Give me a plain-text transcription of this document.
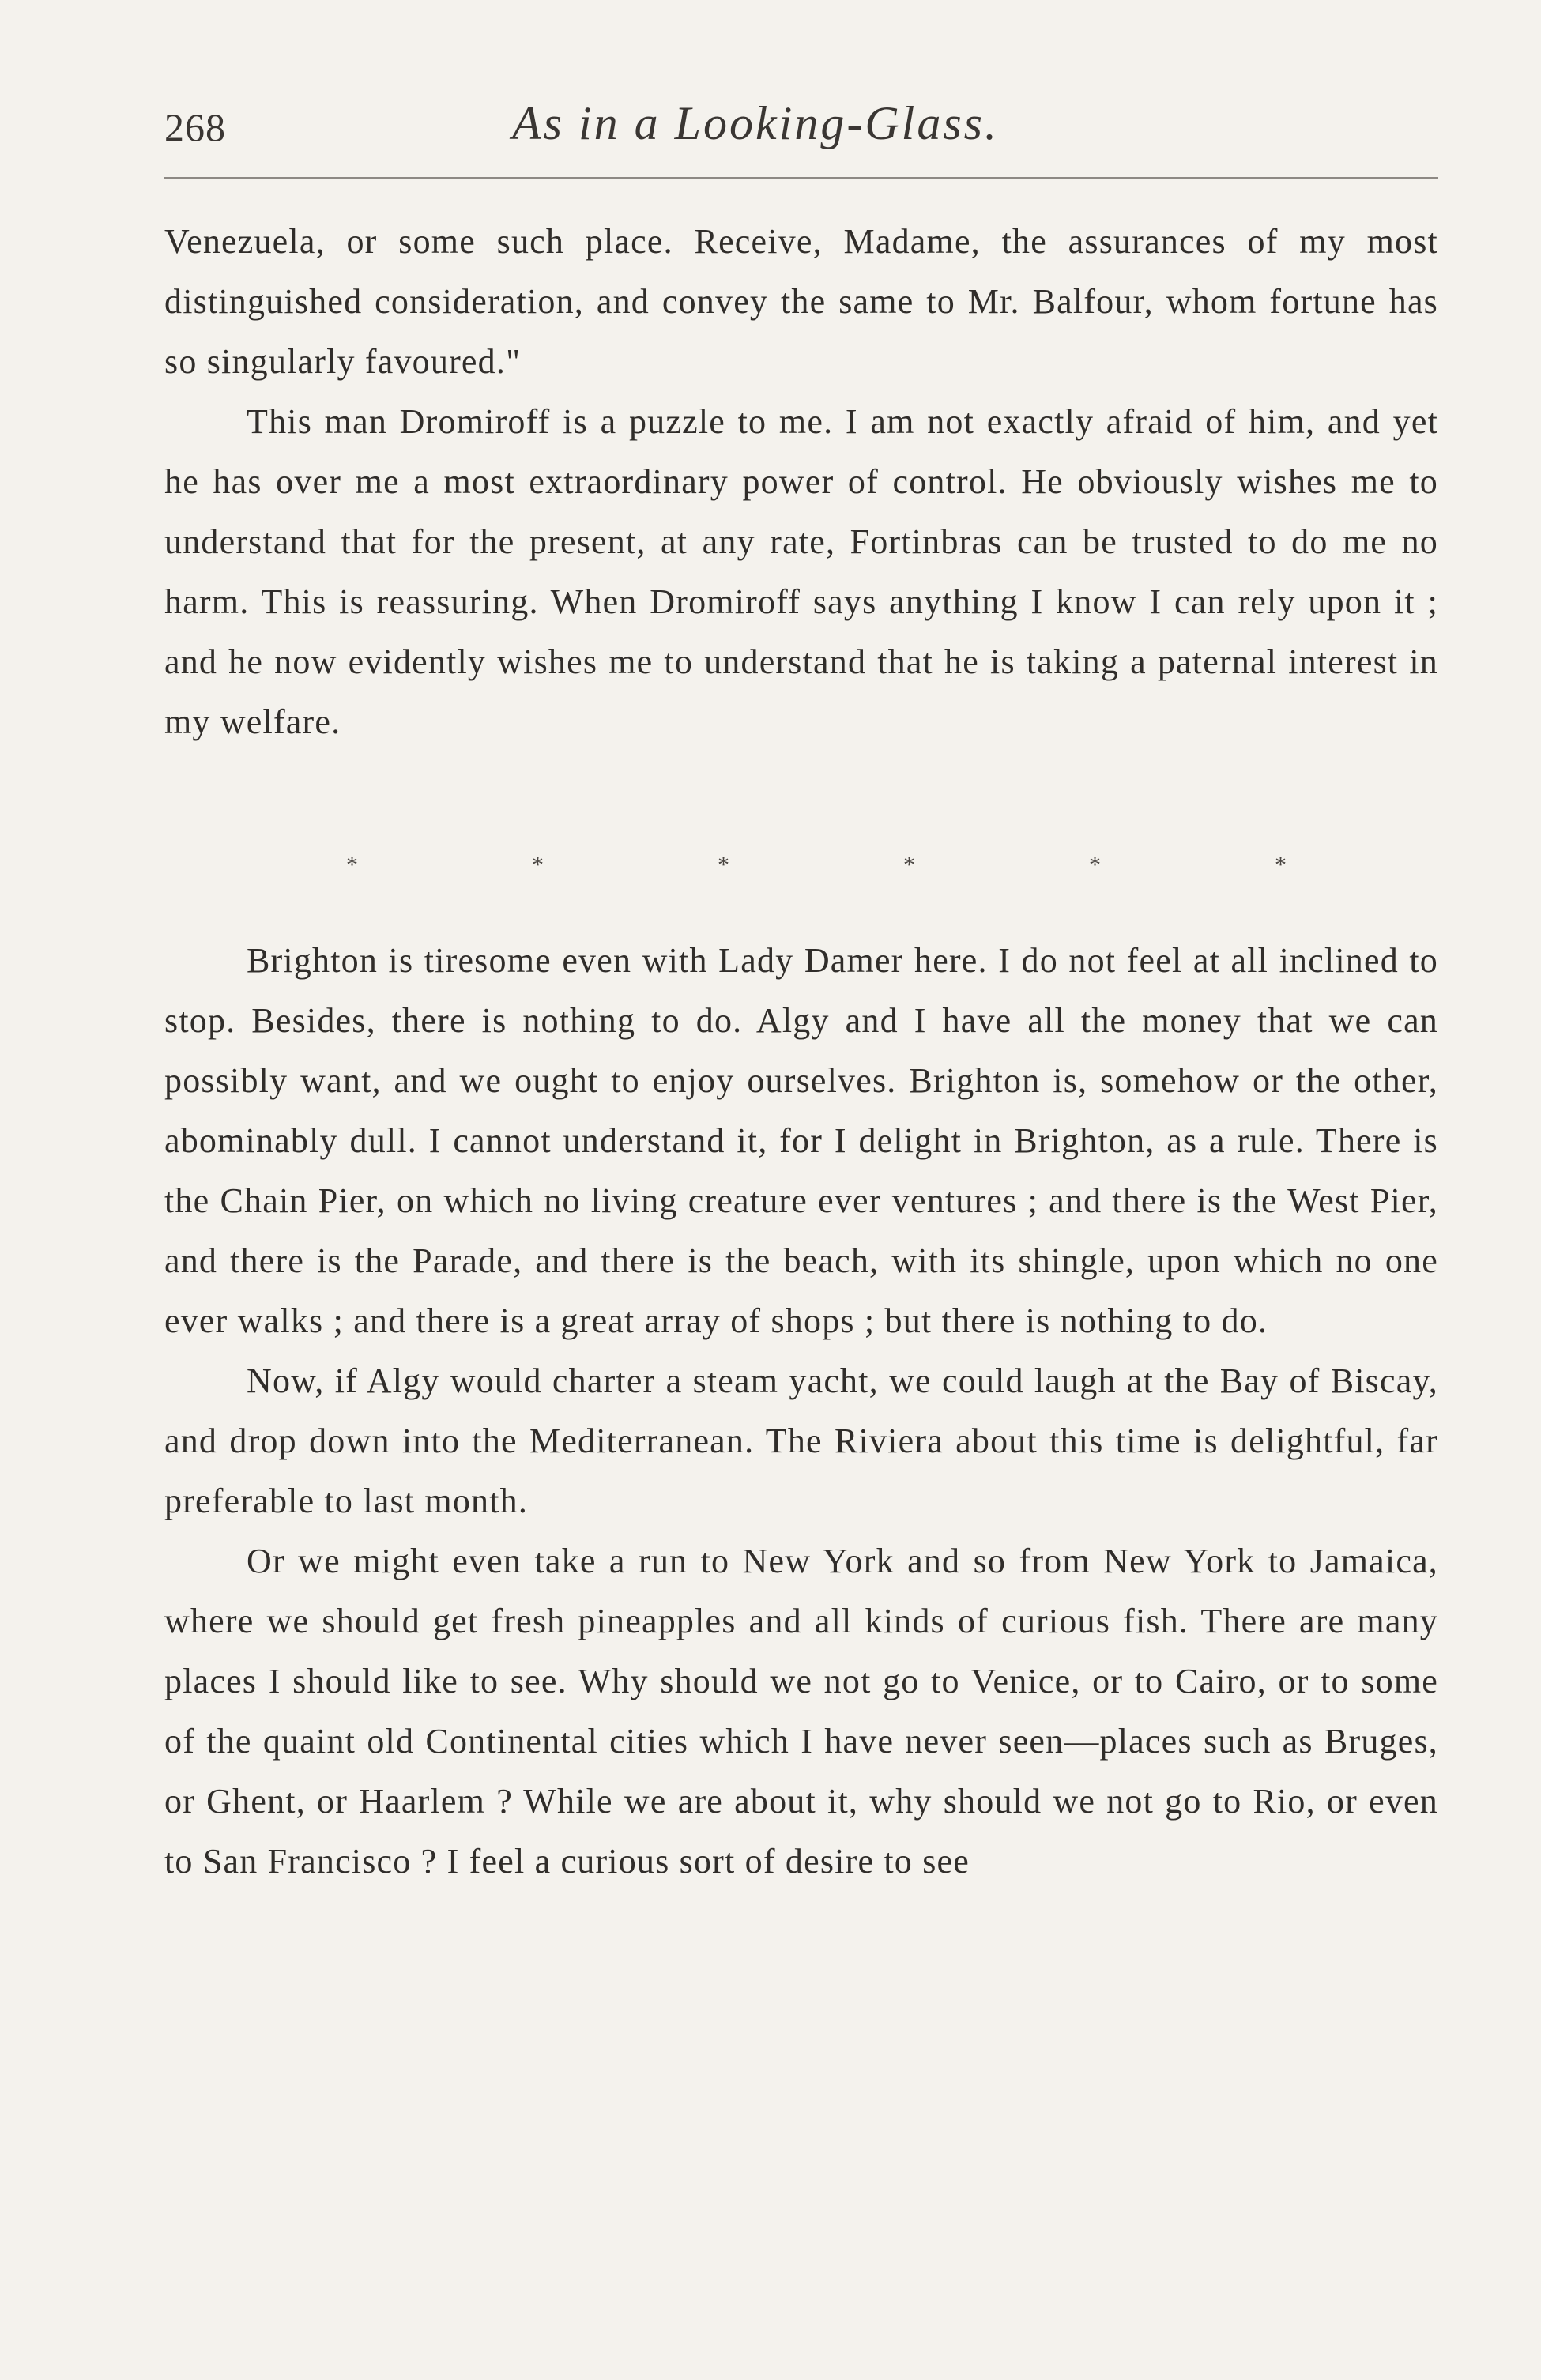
268	As in a Looking-Glass.

Venezuela, or some such place. Receive, Madame, the assurances of my most distinguished consideration, and convey the same to Mr. Balfour, whom fortune has so singularly favoured."

This man Dromiroff is a puzzle to me. I am not exactly afraid of him, and yet he has over me a most extraordinary power of control. He obviously wishes me to understand that for the present, at any rate, Fortinbras can be trusted to do me no harm. This is reassuring. When Dromiroff says anything I know I can rely upon it ; and he now evidently wishes me to understand that he is taking a paternal interest in my welfare.

*	*	*	*	*	*

Brighton is tiresome even with Lady Damer here. I do not feel at all inclined to stop. Besides, there is nothing to do. Algy and I have all the money that we can possibly want, and we ought to enjoy ourselves. Brighton is, somehow or the other, abominably dull. I cannot understand it, for I delight in Brighton, as a rule. There is the Chain Pier, on which no living creature ever ventures ; and there is the West Pier, and there is the Parade, and there is the beach, with its shingle, upon which no one ever walks ; and there is a great array of shops ; but there is nothing to do.

Now, if Algy would charter a steam yacht, we could laugh at the Bay of Biscay, and drop down into the Mediterranean. The Riviera about this time is delightful, far preferable to last month.

Or we might even take a run to New York and so from New York to Jamaica, where we should get fresh pineapples and all kinds of curious fish. There are many places I should like to see. Why should we not go to Venice, or to Cairo, or to some of the quaint old Continental cities which I have never seen—places such as Bruges, or Ghent, or Haarlem ? While we are about it, why should we not go to Rio, or even to San Francisco ? I feel a curious sort of desire to see
